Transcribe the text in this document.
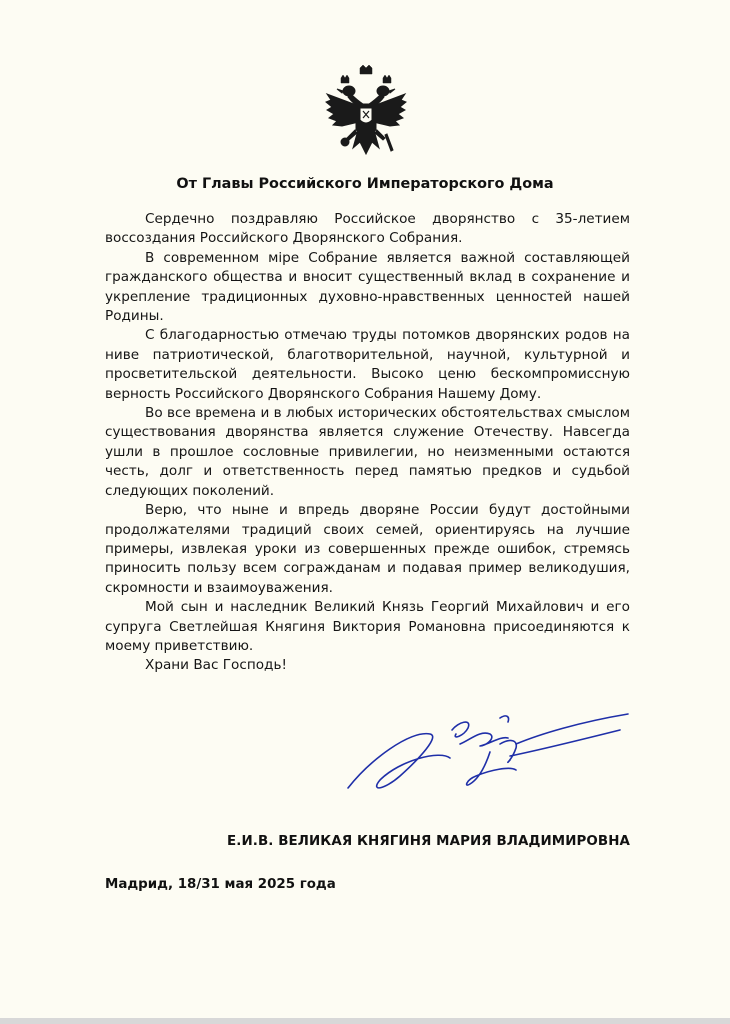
От Главы Российского Императорского Дома

Сердечно поздравляю Российское дворянство с 35-летием воссоздания Российского Дворянского Собрания.

В современном міре Собрание является важной составляющей гражданского общества и вносит существенный вклад в сохранение и укрепление традиционных духовно-нравственных ценностей нашей Родины.

С благодарностью отмечаю труды потомков дворянских родов на ниве патриотической, благотворительной, научной, культурной и просветительской деятельности. Высоко ценю бескомпромиссную верность Российского Дворянского Собрания Нашему Дому.

Во все времена и в любых исторических обстоятельствах смыслом существования дворянства является служение Отечеству. Навсегда ушли в прошлое сословные привилегии, но неизменными остаются честь, долг и ответственность перед памятью предков и судьбой следующих поколений.

Верю, что ныне и впредь дворяне России будут достойными продолжателями традиций своих семей, ориентируясь на лучшие примеры, извлекая уроки из совершенных прежде ошибок, стремясь приносить пользу всем согражданам и подавая пример великодушия, скромности и взаимоуважения.

Мой сын и наследник Великий Князь Георгий Михайлович и его супруга Светлейшая Княгиня Виктория Романовна присоединяются к моему приветствию.

Храни Вас Господь!

Е.И.В. ВЕЛИКАЯ КНЯГИНЯ МАРИЯ ВЛАДИМИРОВНА
Мадрид, 18/31 мая 2025 года
